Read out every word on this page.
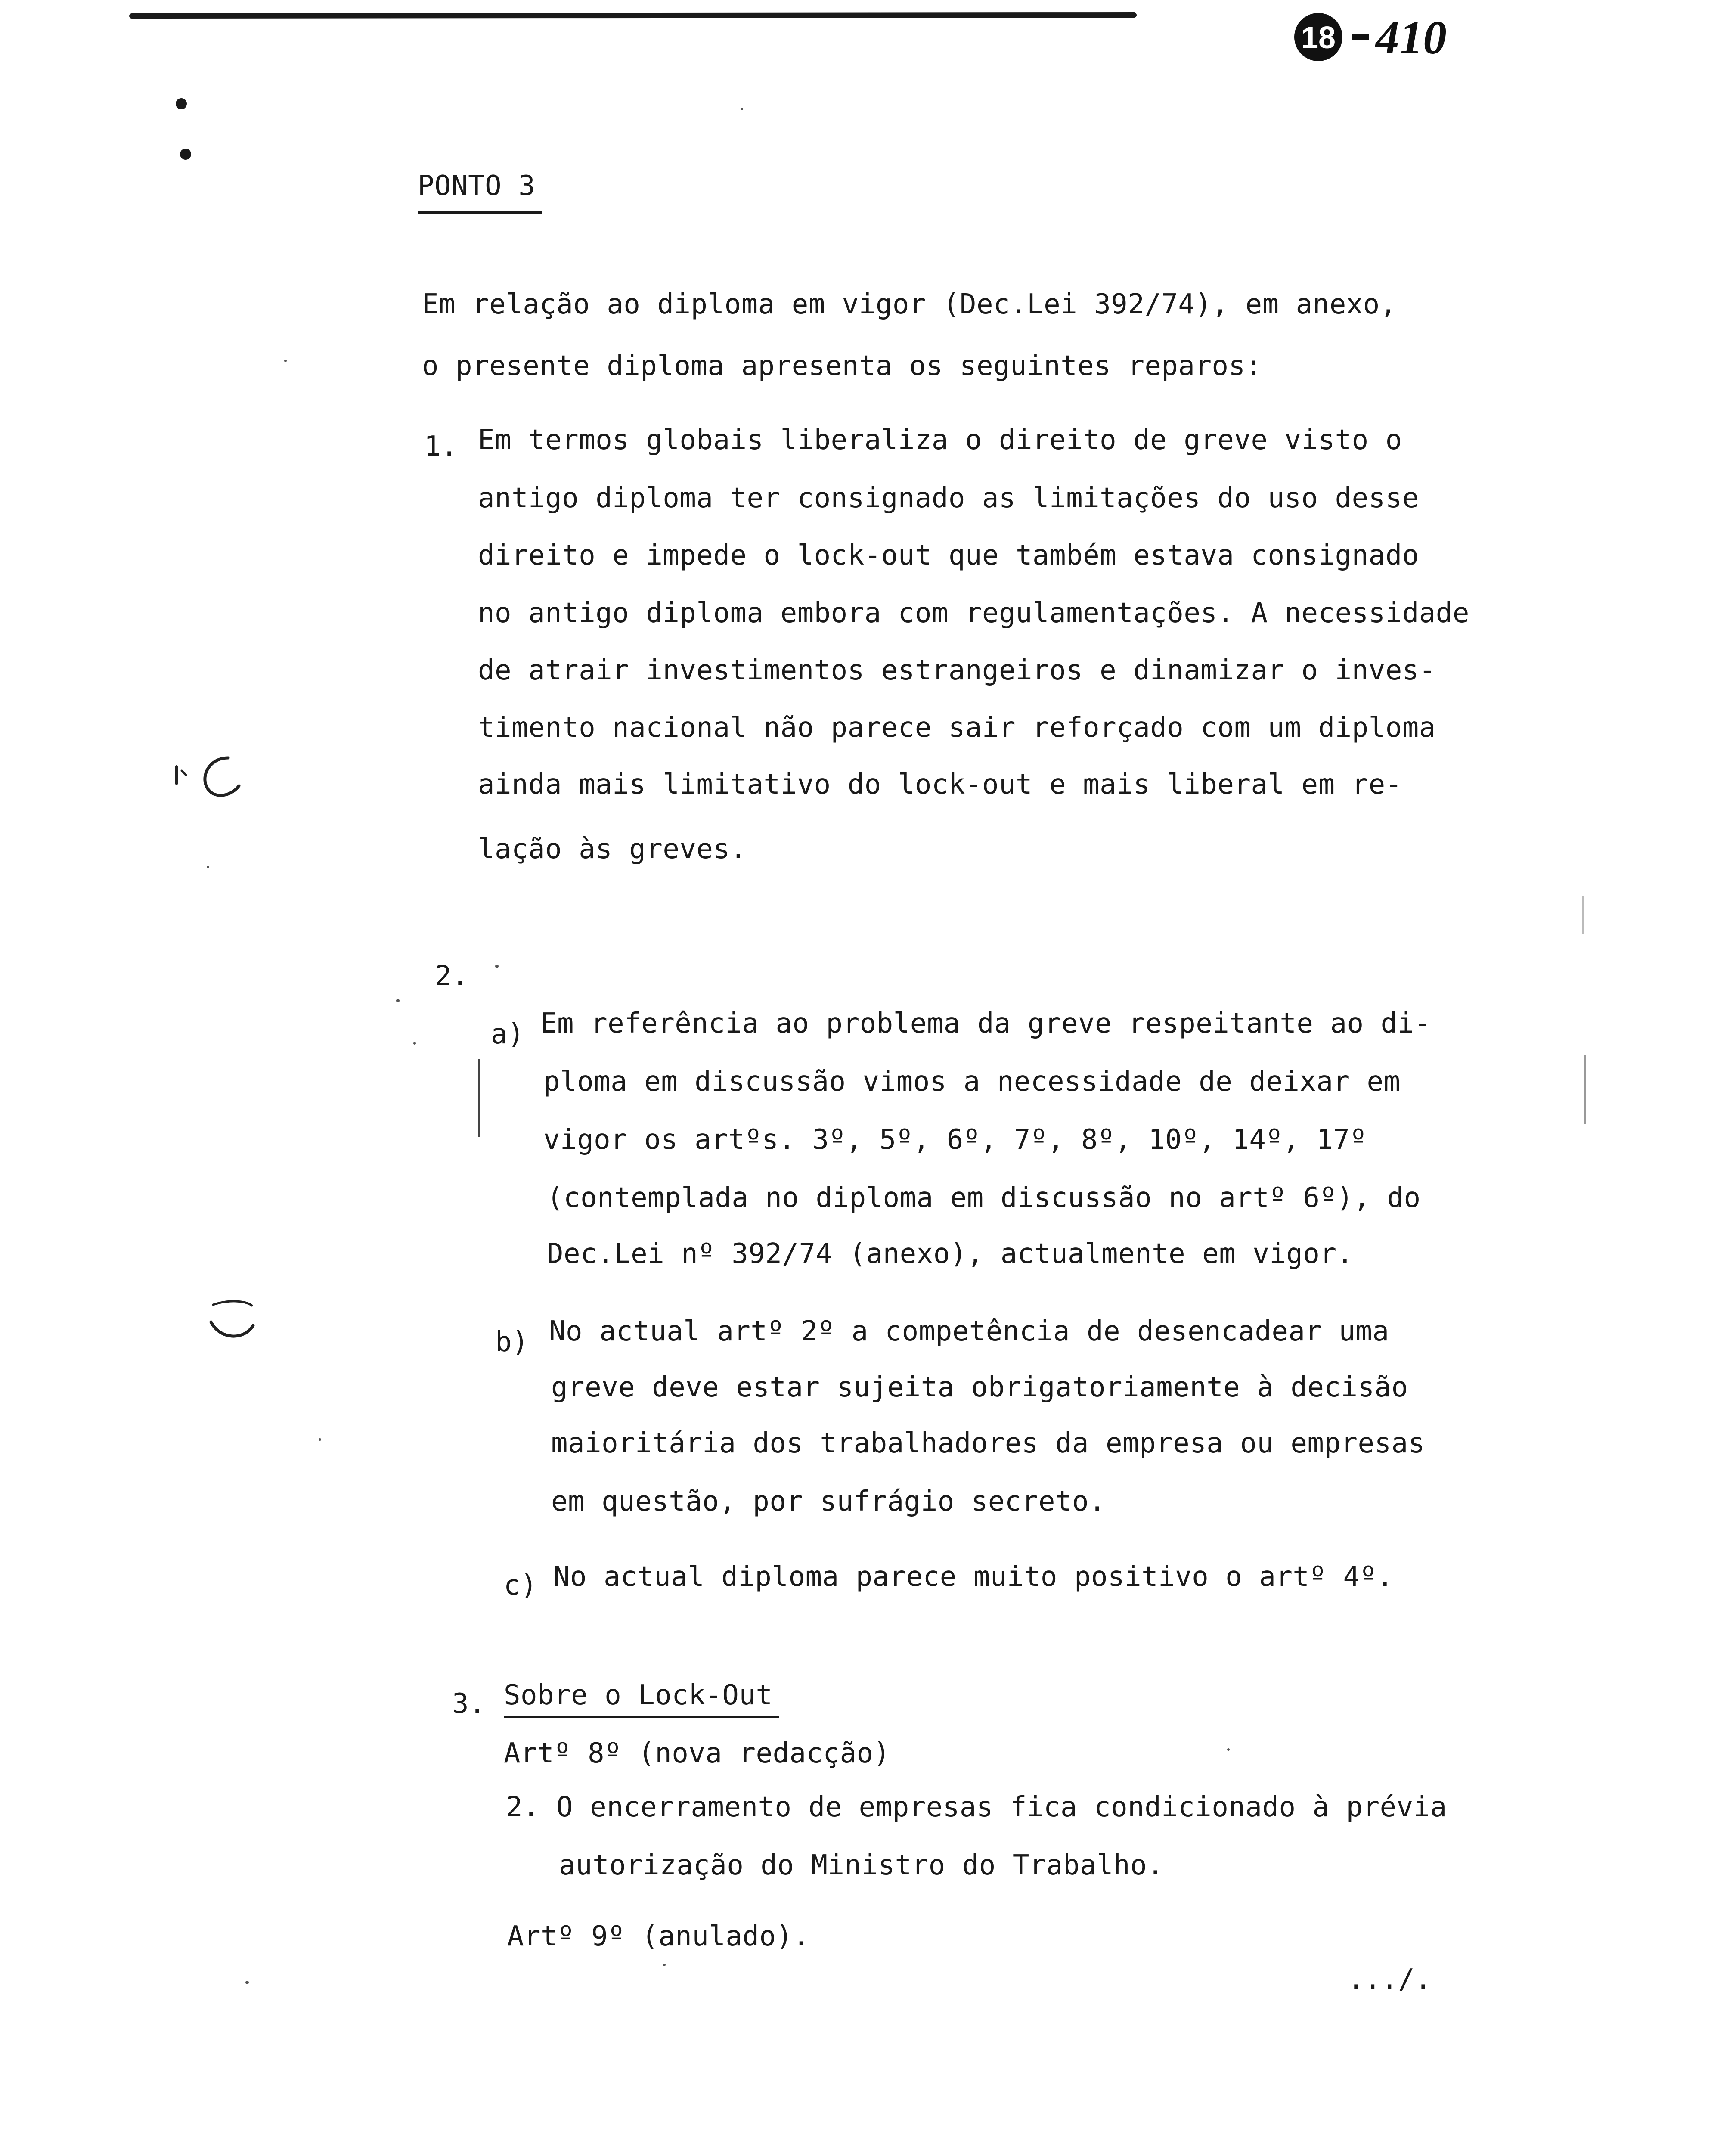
18 410
PONTO 3
Em relação ao diploma em vigor (Dec.Lei 392/74), em anexo,
o presente diploma apresenta os seguintes reparos:
1. Em termos globais liberaliza o direito de greve visto o
antigo diploma ter consignado as limitações do uso desse
direito e impede o lock-out que também estava consignado
no antigo diploma embora com regulamentações. A necessidade
de atrair investimentos estrangeiros e dinamizar o inves-
timento nacional não parece sair reforçado com um diploma
ainda mais limitativo do lock-out e mais liberal em re-
lação às greves.
2.
a) Em referência ao problema da greve respeitante ao di-
ploma em discussão vimos a necessidade de deixar em
vigor os artºs. 3º, 5º, 6º, 7º, 8º, 10º, 14º, 17º
(contemplada no diploma em discussão no artº 6º), do
Dec.Lei nº 392/74 (anexo), actualmente em vigor.
b) No actual artº 2º a competência de desencadear uma
greve deve estar sujeita obrigatoriamente à decisão
maioritária dos trabalhadores da empresa ou empresas
em questão, por sufrágio secreto.
c) No actual diploma parece muito positivo o artº 4º.
3. Sobre o Lock-Out
Artº 8º (nova redacção)
2. O encerramento de empresas fica condicionado à prévia
autorização do Ministro do Trabalho.
Artº 9º (anulado).
.../.
